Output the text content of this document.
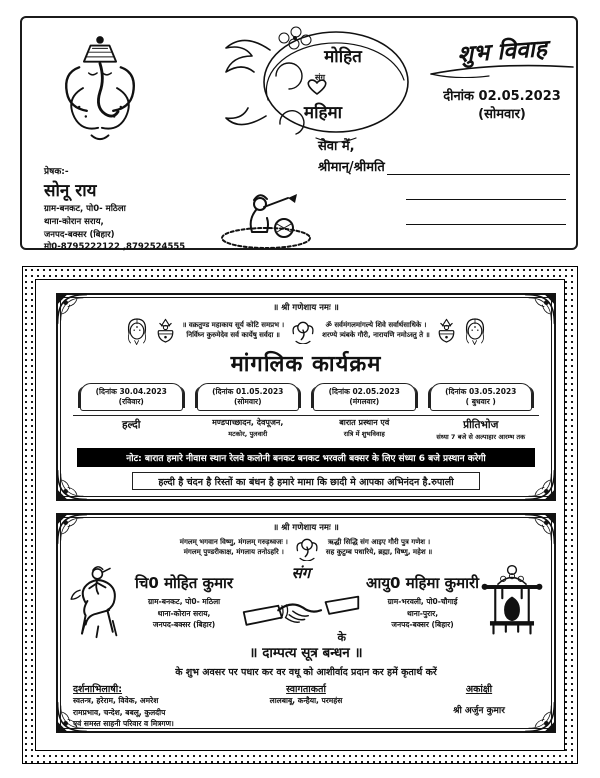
मोहित
संग
महिमा
शुभ विवाह
दीनांक 02.05.2023
(सोमवार)
सेवा में,
श्रीमान्/श्रीमति
प्रेषक:-
सोनू राय
ग्राम-बनकट, पो0- मठिला
थाना-कोरान सराय,
जनपद-बक्सर (बिहार)
मो0-8795222122 ,8792524555
॥ श्री गणेशाय नमः ॥
॥ वक्रतुण्ड महाकाय सूर्य कोटि समप्रभ ।
निर्विघ्न कुरुमेदेव सर्व कार्येषु सर्वदा ॥
ॐ सर्वमंगलमांगल्ये शिवे सर्वार्थसाधिके ।
शरण्ये त्र्यंबके गौरी, नारायणि नमोऽस्तु ते ॥
मांगलिक कार्यक्रम
(दिनांक 30.04.2023
(रविवार)
हल्दी
(दिनांक 01.05.2023
(सोमवार)
मण्डपाच्छादन, देवपूजन,
मटकोर, पुलवारी
(दिनांक 02.05.2023
(मंगलवार)
बारात प्रस्थान एवं
रात्रि में शुभविवाह
(दिनांक 03.05.2023
( बुधवार )
प्रीतिभोज
संध्या 7 बजे से अल्पाहार आरम्भ तक
नोट: बारात हमारे नीवास स्थान रेलवे कलोनी बनकट बनकट भरवली बक्सर के लिए संध्या 6 बजे प्रस्थान करेगी
हल्दी है चंदन है रिस्तों का बंधन है हमारे मामा कि छादी मे आपका अभिनंदन है.रुपाली
॥ श्री गणेशाय नमः ॥
मंगलम् भगवान विष्णु, मंगलम् गरुड़ध्वजः ।
मंगलम् पुण्डरीकाक्ष, मंगलाय तनोऽहरि ।
ऋद्धी सिद्धि संग आइए गौरी पुत्र गणेश ।
सह कुटुम्ब पधारिये, ब्रह्मा, विष्णु, महेश ॥
चि0 मोहित कुमार
ग्राम-बनकट, पो0- मठिला
थाना-कोरान सराय,
जनपद-बक्सर (बिहार)
संग
के
आयु0 महिमा कुमारी
ग्राम-भरवली, पो0-चौगाई
थाना-पुरार,
जनपद-बक्सर (बिहार)
॥ दाम्पत्य सूत्र बन्धन ॥
के शुभ अवसर पर पधार कर वर वधू को आशीर्वाद प्रदान कर हमें कृतार्थ करें
दर्शनाभिलाषी:
स्वतन्त्र, हरेराम, विवेक, अमरेश
रामप्रभाव, चन्देश, बबलू, कुलदीप
एवं समस्त साहनी परिवार व मित्रगण।
स्वागताकर्ता
लालबाबू, कन्हैया, परमहंस
अकांक्षी
श्री अर्जुन कुमार
